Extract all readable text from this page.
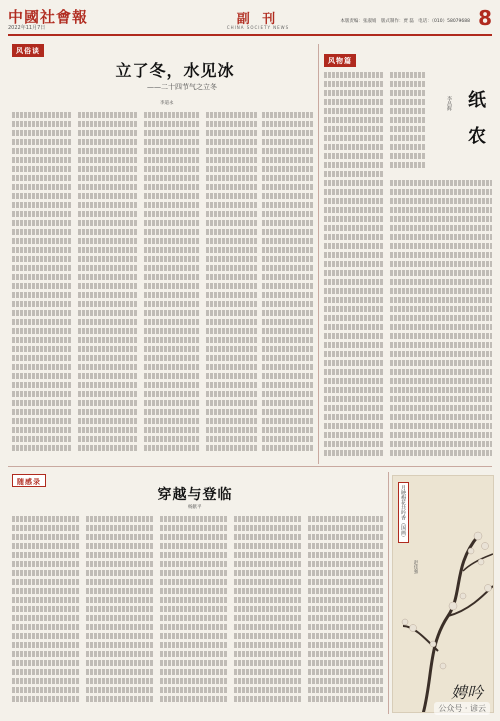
中國社會報
2022年11月7日
副 刊
CHINA SOCIETY NEWS
本版责编：张淑娟　版式制作：贾 磊　电话：（010）58079688 8
风俗谈
立了冬，水见冰
——二十四节气之立冬
李道永
风物篇
纸 农
李昌辉
随感录
穿越与登临
杨献平
娉吟
月映梅花共吟香（国画）
赵佳强
公众号 · 谚云
